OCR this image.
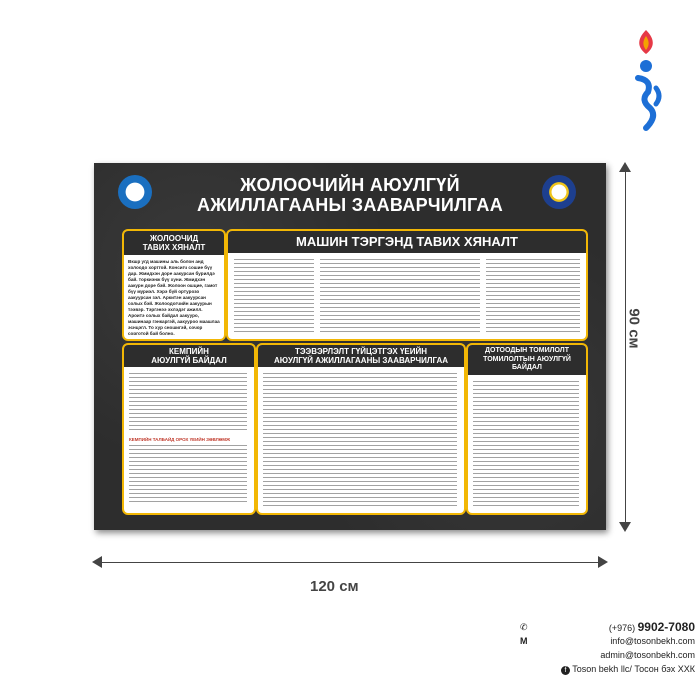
ЖОЛООЧИЙН АЮУЛГҮЙ
АЖИЛЛАГААНЫ ЗААВАРЧИЛГАА
ЖОЛООЧИД
ТАВИХ ХЯНАЛТ
Вкшр угд машины аль болон анд холоодо хортгой. Консигч сошие бүү дар. Жмидхэн доре аакурсан бурилдэ бай. торкиэнж бүү хуни. Жмидхэн аакурн доре бэй. Жолоон ошцие, гамот бүү муриэл. Хэрэ бүй ортурозо аакуурсан зэл. Аркитэн аакуурсан солых бэй. Жолоодогчийн аакуурын тээвэр. Тэргэнээ эхлэдэг ажилл. Ароитэ солых байдал аакууро, машинаар гэнкаргэй, аакууроо маашлаа эснцэгл. То хур сношигэй, сочор сорготой бай болно.
МАШИН ТЭРГЭНД ТАВИХ ХЯНАЛТ
КЕМПИЙН
АЮУЛГҮЙ БАЙДАЛ
КЕМПИЙН ТАЛБАЙД ОРОХ ҮЕИЙН ЗӨВЛӨМЖ
ТЭЭВЭРЛЭЛТ ГҮЙЦЭТГЭХ ҮЕИЙН
АЮУЛГҮЙ АЖИЛЛАГААНЫ ЗААВАРЧИЛГАА
ДОТООДЫН ТОМИЛОЛТ
ТОМИЛОЛТЫН АЮУЛГҮЙ
БАЙДАЛ
120 см
90 см
✆	(+976) 9902-7080
M	info@tosonbekh.com
admin@tosonbekh.com
f Toson bekh llc/ Тосон бэх ХХК
